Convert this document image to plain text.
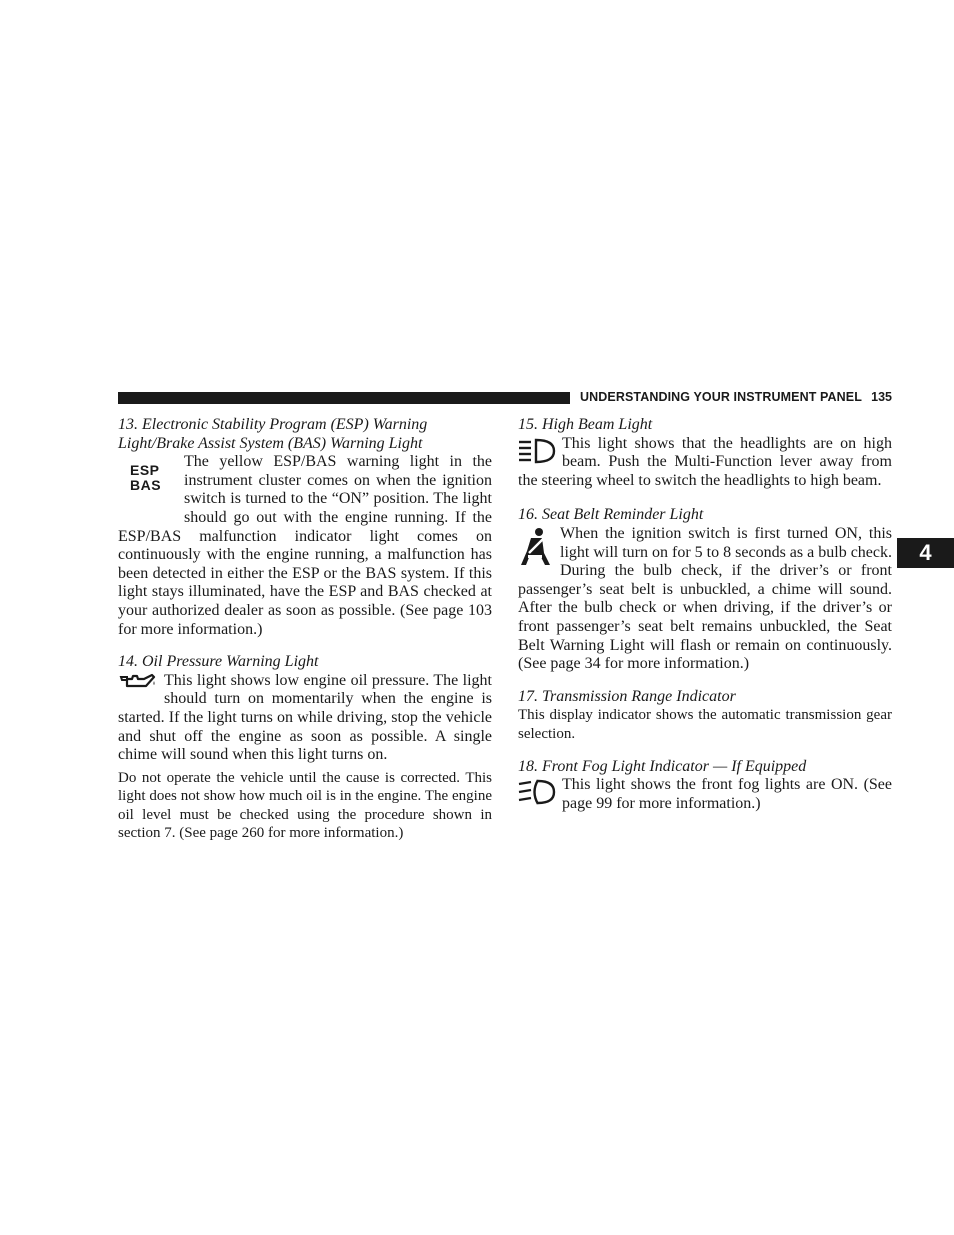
UNDERSTANDING YOUR INSTRUMENT PANEL 135
4

13. Electronic Stability Program (ESP) Warning
Light/Brake Assist System (BAS) Warning Light

ESP
BAS

The yellow ESP/BAS warning light in the instrument cluster comes on when the ignition switch is turned to the “ON” position. The light should go out with the engine running. If the ESP/BAS malfunction indicator light comes on continuously with the engine running, a malfunction has been detected in either the ESP or the BAS system. If this light stays illuminated, have the ESP and BAS checked at your authorized dealer as soon as possible. (See page 103 for more information.)

14. Oil Pressure Warning Light

This light shows low engine oil pressure. The light should turn on momentarily when the engine is started. If the light turns on while driving, stop the vehicle and shut off the engine as soon as possible. A single chime will sound when this light turns on.

Do not operate the vehicle until the cause is corrected. This light does not show how much oil is in the engine. The engine oil level must be checked using the procedure shown in section 7. (See page 260 for more information.)

15. High Beam Light

This light shows that the headlights are on high beam. Push the Multi-Function lever away from the steering wheel to switch the headlights to high beam.

16. Seat Belt Reminder Light

When the ignition switch is first turned ON, this light will turn on for 5 to 8 seconds as a bulb check. During the bulb check, if the driver’s or front passenger’s seat belt is unbuckled, a chime will sound. After the bulb check or when driving, if the driver’s or front passenger’s seat belt remains unbuckled, the Seat Belt Warning Light will flash or remain on continuously. (See page 34 for more information.)

17. Transmission Range Indicator

This display indicator shows the automatic transmission gear selection.

18. Front Fog Light Indicator — If Equipped

This light shows the front fog lights are ON. (See page 99 for more information.)
